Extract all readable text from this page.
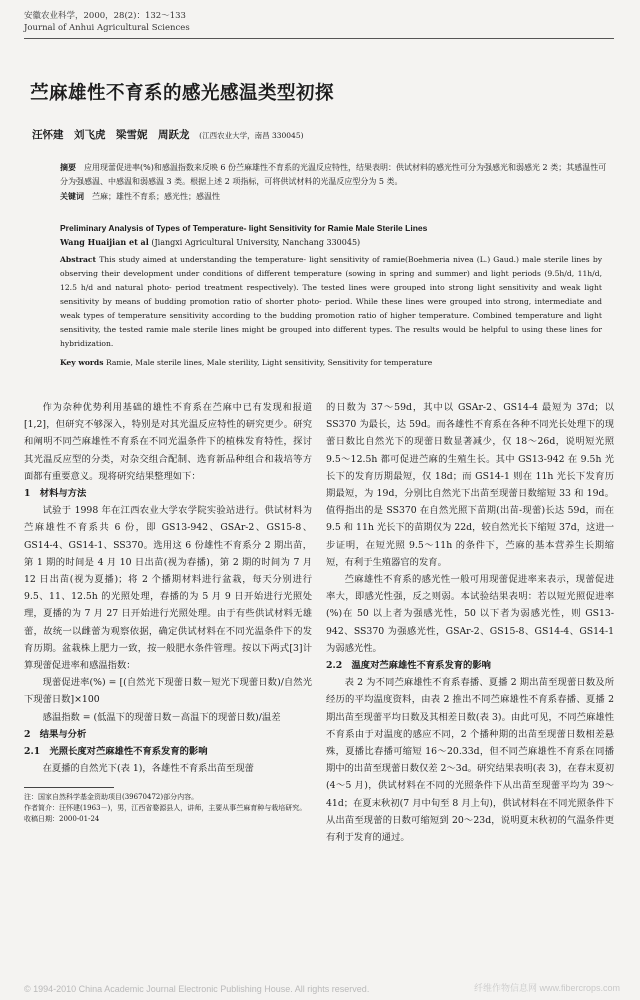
安徽农业科学，2000，28(2)：132～133
Journal of Anhui Agricultural Sciences
苎麻雄性不育系的感光感温类型初探
汪怀建　刘飞虎　梁雪妮　周跃龙 (江西农业大学，南昌 330045)
摘要　 应用现蕾促进率(%)和感温指数来反映 6 份苎麻雄性不育系的光温反应特性，结果表明：供试材料的感光性可分为强感光和弱感光 2 类；其感温性可分为强感温、中感温和弱感温 3 类。根据上述 2 项指标，可将供试材料的光温反应型分为 5 类。
关键词　 苎麻；雄性不育系；感光性；感温性
Preliminary Analysis of Types of Temperature- light Sensitivity for Ramie Male Sterile Lines
Wang Huaijian et al (Jiangxi Agricultural University, Nanchang 330045)
Abstract This study aimed at understanding the temperature- light sensitivity of ramie(Boehmeria nivea (L.) Gaud.) male sterile lines by observing their development under conditions of different temperature (sowing in spring and summer) and light periods (9.5h/d, 11h/d, 12.5 h/d and natural photo- period treatment respectively). The tested lines were grouped into strong light sensitivity and weak light sensitivity by means of budding promotion ratio of shorter photo- period. While these lines were grouped into strong, intermediate and weak types of temperature sensitivity according to the budding promotion ratio of higher temperature. Combined temperature and light sensitivity, the tested ramie male sterile lines might be grouped into different types. The results would be helpful to using these lines for hybridization.
Key words Ramie, Male sterile lines, Male sterility, Light sensitivity, Sensitivity for temperature

作为杂种优势利用基础的雄性不育系在苎麻中已有发现和报道[1,2]，但研究不够深入，特别是对其光温反应特性的研究更少。研究和阐明不同苎麻雄性不育系在不同光温条件下的植株发育特性，探讨其光温反应型的分类，对杂交组合配制、选育新品种组合和栽培等方面都有重要意义。现将研究结果整理如下：

1　材料与方法

试验于 1998 年在江西农业大学农学院实验站进行。供试材料为苎麻雄性不育系共 6 份，即 GS13-942、GSAr-2、GS15-8、GS14-4、GS14-1、SS370。选用这 6 份雄性不育系分 2 期出苗，第 1 期的时间是 4 月 10 日出苗(视为春播)，第 2 期的时间为 7 月 12 日出苗(视为夏播)；将 2 个播期材料进行盆栽，每天分别进行 9.5、11、12.5h 的光照处理，春播的为 5 月 9 日开始进行光照处理，夏播的为 7 月 27 日开始进行光照处理。由于有些供试材料无雄蕾，故统一以雌蕾为观察依据，确定供试材料在不同光温条件下的发育历期。盆栽株上肥力一致，按一般肥水条件管理。按以下两式[3]计算现蕾促进率和感温指数：

现蕾促进率(%) = [(自然光下现蕾日数－短光下现蕾日数)/自然光下现蕾日数]×100

感温指数 = (低温下的现蕾日数－高温下的现蕾日数)/温差

2　结果与分析

2.1　光照长度对苎麻雄性不育系发育的影响

在夏播的自然光下(表 1)，各雄性不育系出苗至现蕾

注：国家自然科学基金资助项目(39670472)部分内容。
作者简介：汪怀建(1963－)，男，江西省婺源县人，讲师，主要从事苎麻育种与栽培研究。
收稿日期：2000-01-24

的日数为 37～59d，其中以 GSAr-2、GS14-4 最短为 37d；以 SS370 为最长，达 59d。而各雄性不育系在各种不同光长处理下的现蕾日数比自然光下的现蕾日数显著减少，仅 18～26d，说明短光照 9.5～12.5h 都可促进苎麻的生殖生长。其中 GS13-942 在 9.5h 光长下的发育历期最短，仅 18d；而 GS14-1 则在 11h 光长下发育历期最短，为 19d，分别比自然光下出苗至现蕾日数缩短 33 和 19d。值得指出的是 SS370 在自然光照下苗期(出苗-现蕾)长达 59d，而在 9.5 和 11h 光长下的苗期仅为 22d，较自然光长下缩短 37d，这进一步证明，在短光照 9.5～11h 的条件下，苎麻的基本营养生长期缩短，有利于生殖器官的发育。

苎麻雄性不育系的感光性一般可用现蕾促进率来表示，现蕾促进率大，即感光性强，反之则弱。本试验结果表明：若以短光照促进率(%)在 50 以上者为强感光性，50 以下者为弱感光性，则 GS13-942、SS370 为强感光性，GSAr-2、GS15-8、GS14-4、GS14-1 为弱感光性。

2.2　温度对苎麻雄性不育系发育的影响

表 2 为不同苎麻雄性不育系春播、夏播 2 期出苗至现蕾日数及所经历的平均温度资料，由表 2 推出不同苎麻雄性不育系春播、夏播 2 期出苗至现蕾平均日数及其相差日数(表 3)。由此可见，不同苎麻雄性不育系由于对温度的感应不同，2 个播种期的出苗至现蕾日数相差悬殊，夏播比春播可缩短 16～20.33d，但不同苎麻雄性不育系在同播期中的出苗至现蕾日数仅差 2～3d。研究结果表明(表 3)，在春末夏初(4～5 月)，供试材料在不同的光照条件下从出苗至现蕾平均为 39～41d；在夏末秋初(7 月中旬至 8 月上旬)，供试材料在不同光照条件下从出苗至现蕾的日数可缩短到 20～23d，说明夏末秋初的气温条件更有利于发育的通过。

© 1994-2010 China Academic Journal Electronic Publishing House. All rights reserved.	纤维作物信息网 www.fibercrops.com
